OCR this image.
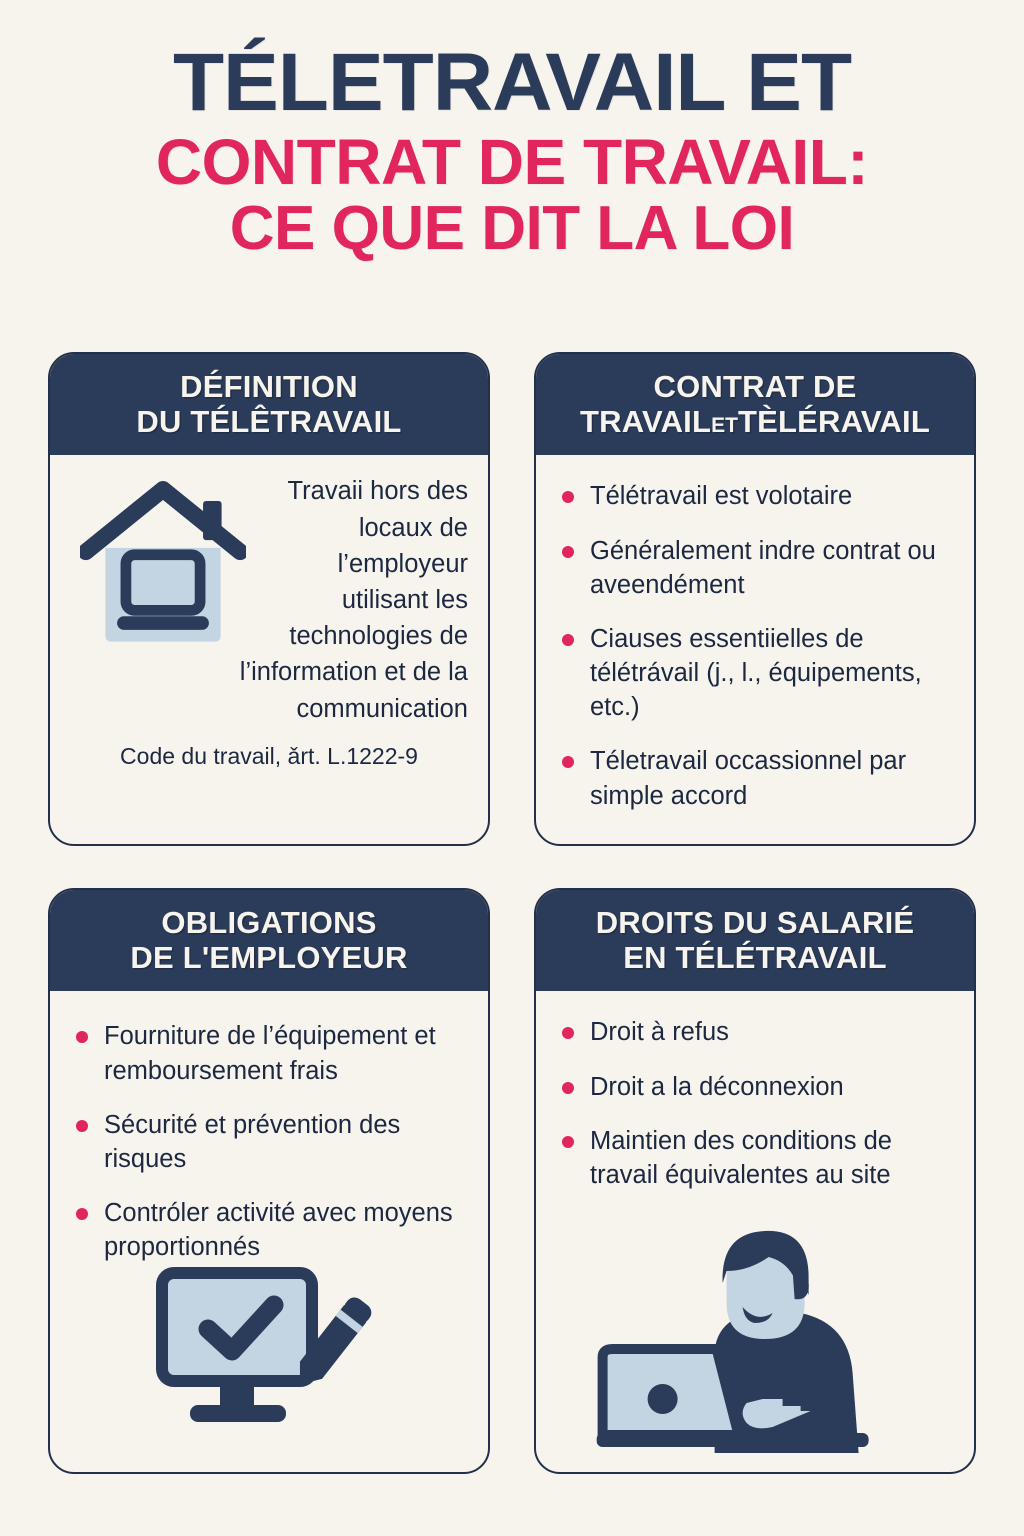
TÉLETRAVAIL ET
CONTRAT DE TRAVAIL:
CE QUE DIT LA LOI
DÉFINITION
DU TÉLÊTRAVAIL
Travaii hors des locaux de l’employeur utilisant les technologies de l’information et de la communication
Code du travail, ǎrt. L.1222-9
CONTRAT DE
TRAVAILETTÈLÉRAVAIL
Télétravail est volotaire
Généralement indre contrat ou aveendément
Ciauses essentiielles de télétrávail (j., l., équipements, etc.)
Téletravail occassionnel par simple accord
OBLIGATIONS
DE L'EMPLOYEUR
Fourniture de l’équipement et remboursement frais
Sécurité et prévention des risques
Contróler activité avec moyens proportionnés
DROITS DU SALARIÉ
EN TÉLÉTRAVAIL
Droit à refus
Droit a la déconnexion
Maintien des conditions de travail équivalentes au site
